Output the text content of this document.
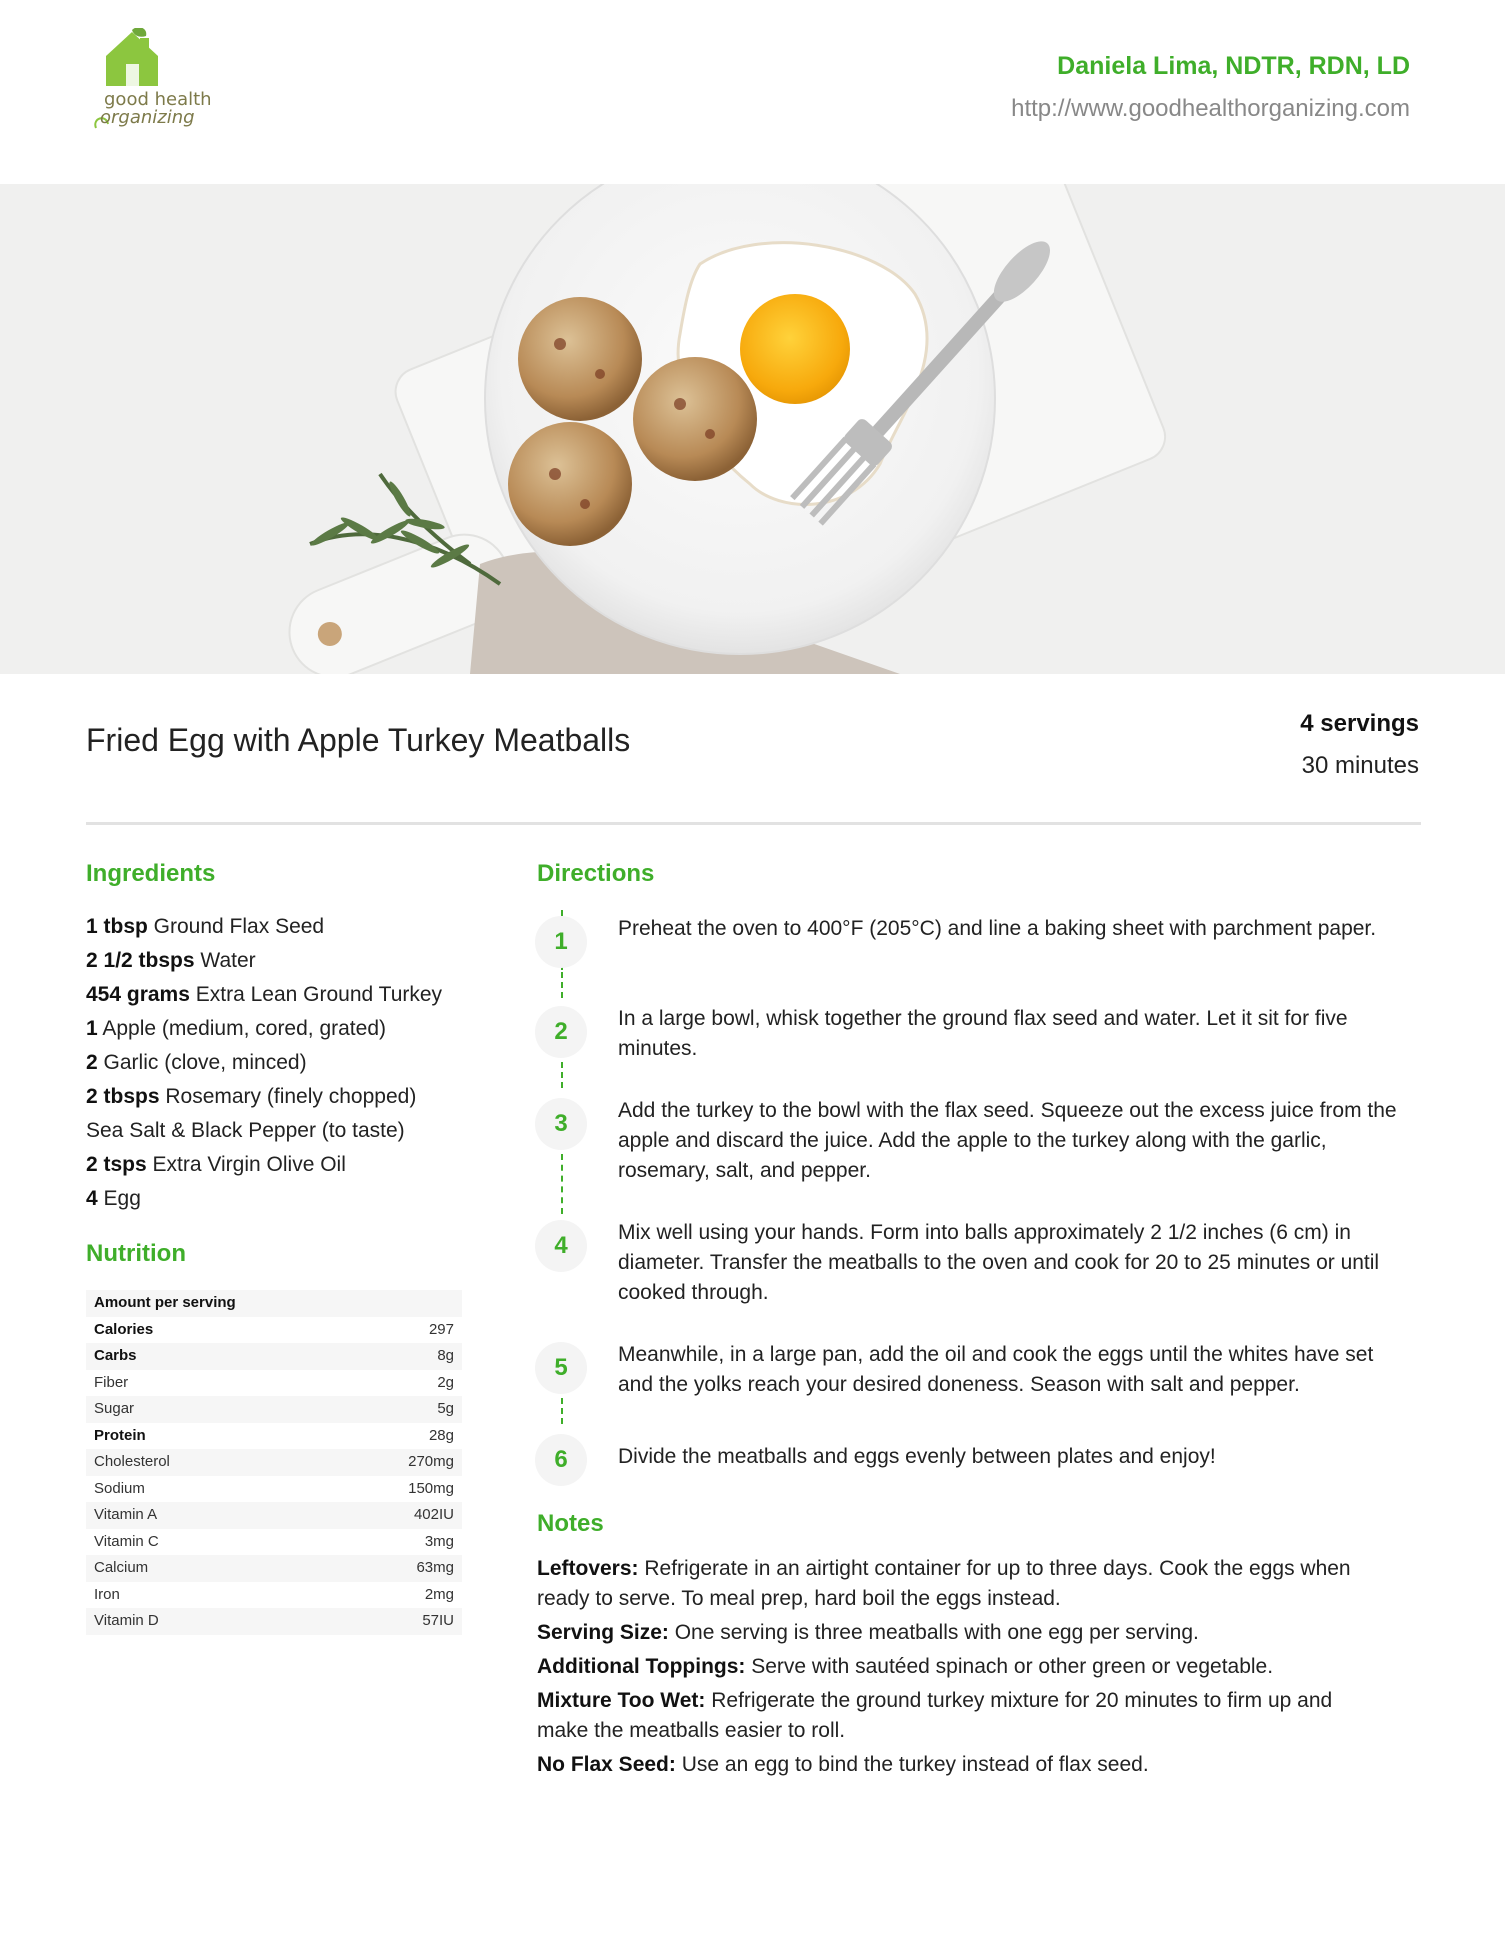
good health
organizing
Daniela Lima, NDTR, RDN, LD
http://www.goodhealthorganizing.com
Fried Egg with Apple Turkey Meatballs	4 servings
30 minutes
Ingredients
1 tbsp Ground Flax Seed
2 1/2 tbsps Water
454 grams Extra Lean Ground Turkey
1 Apple (medium, cored, grated)
2 Garlic (clove, minced)
2 tbsps Rosemary (finely chopped)
Sea Salt & Black Pepper (to taste)
2 tsps Extra Virgin Olive Oil
4 Egg
Nutrition
Amount per serving
Calories	297
Carbs	8g
Fiber	2g
Sugar	5g
Protein	28g
Cholesterol	270mg
Sodium	150mg
Vitamin A	402IU
Vitamin C	3mg
Calcium	63mg
Iron	2mg
Vitamin D	57IU
Directions
1	Preheat the oven to 400°F (205°C) and line a baking sheet with parchment paper.
2	In a large bowl, whisk together the ground flax seed and water. Let it sit for five minutes.
3	Add the turkey to the bowl with the flax seed. Squeeze out the excess juice from the apple and discard the juice. Add the apple to the turkey along with the garlic, rosemary, salt, and pepper.
4	Mix well using your hands. Form into balls approximately 2 1/2 inches (6 cm) in diameter. Transfer the meatballs to the oven and cook for 20 to 25 minutes or until cooked through.
5	Meanwhile, in a large pan, add the oil and cook the eggs until the whites have set and the yolks reach your desired doneness. Season with salt and pepper.
6	Divide the meatballs and eggs evenly between plates and enjoy!
Notes
Leftovers: Refrigerate in an airtight container for up to three days. Cook the eggs when ready to serve. To meal prep, hard boil the eggs instead.
Serving Size: One serving is three meatballs with one egg per serving.
Additional Toppings: Serve with sautéed spinach or other green or vegetable.
Mixture Too Wet: Refrigerate the ground turkey mixture for 20 minutes to firm up and make the meatballs easier to roll.
No Flax Seed: Use an egg to bind the turkey instead of flax seed.
